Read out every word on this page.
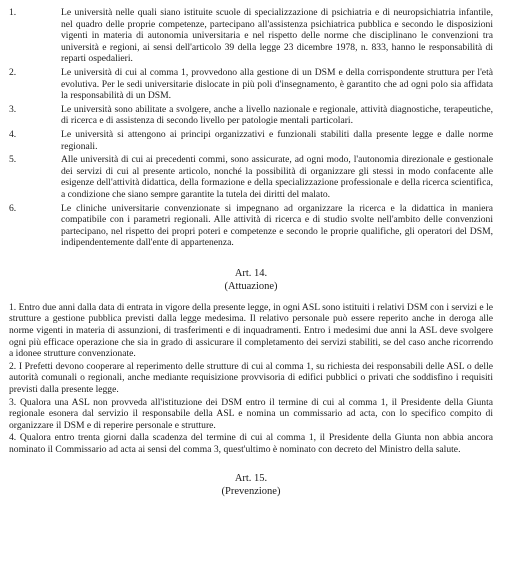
1.	Le università nelle quali siano istituite scuole di specializzazione di psichiatria e di neuropsichiatria infantile, nel quadro delle proprie competenze, partecipano all'assistenza psichiatrica pubblica e secondo le disposizioni vigenti in materia di autonomia universitaria e nel rispetto delle norme che disciplinano le convenzioni tra università e regioni, ai sensi dell'articolo 39 della legge 23 dicembre 1978, n. 833, hanno le responsabilità di reparti ospedalieri.
2.	Le università di cui al comma 1, provvedono alla gestione di un DSM e della corrispondente struttura per l'età evolutiva. Per le sedi universitarie dislocate in più poli d'insegnamento, è garantito che ad ogni polo sia affidata la responsabilità di un DSM.
3.	Le università sono abilitate a svolgere, anche a livello nazionale e regionale, attività diagnostiche, terapeutiche, di ricerca e di assistenza di secondo livello per patologie mentali particolari.
4.	Le università si attengono ai principi organizzativi e funzionali stabiliti dalla presente legge e dalle norme regionali.
5.	Alle università di cui ai precedenti commi, sono assicurate, ad ogni modo, l'autonomia direzionale e gestionale dei servizi di cui al presente articolo, nonché la possibilità di organizzare gli stessi in modo confacente alle esigenze dell'attività didattica, della formazione e della specializzazione professionale e della ricerca scientifica, a condizione che siano sempre garantite la tutela dei diritti del malato.
6.	Le cliniche universitarie convenzionate si impegnano ad organizzare la ricerca e la didattica in maniera compatibile con i parametri regionali. Alle attività di ricerca e di studio svolte nell'ambito delle convenzioni partecipano, nel rispetto dei propri poteri e competenze e secondo le proprie qualifiche, gli operatori del DSM, indipendentemente dall'ente di appartenenza.
Art. 14.
(Attuazione)

1. Entro due anni dalla data di entrata in vigore della presente legge, in ogni ASL sono istituiti i relativi DSM con i servizi e le strutture a gestione pubblica previsti dalla legge medesima. Il relativo personale può essere reperito anche in deroga alle norme vigenti in materia di assunzioni, di trasferimenti e di inquadramenti. Entro i medesimi due anni la ASL deve svolgere ogni più efficace operazione che sia in grado di assicurare il completamento dei servizi stabiliti, se del caso anche ricorrendo a idonee strutture convenzionate.

2. I Prefetti devono cooperare al reperimento delle strutture di cui al comma 1, su richiesta dei responsabili delle ASL o delle autorità comunali o regionali, anche mediante requisizione provvisoria di edifici pubblici o privati che soddisfino i requisiti previsti dalla presente legge.

3. Qualora una ASL non provveda all'istituzione dei DSM entro il termine di cui al comma 1, il Presidente della Giunta regionale esonera dal servizio il responsabile della ASL e nomina un commissario ad acta, con lo specifico compito di organizzare il DSM e di reperire personale e strutture.

4. Qualora entro trenta giorni dalla scadenza del termine di cui al comma 1, il Presidente della Giunta non abbia ancora nominato il Commissario ad acta ai sensi del comma 3, quest'ultimo è nominato con decreto del Ministro della salute.

Art. 15.
(Prevenzione)
